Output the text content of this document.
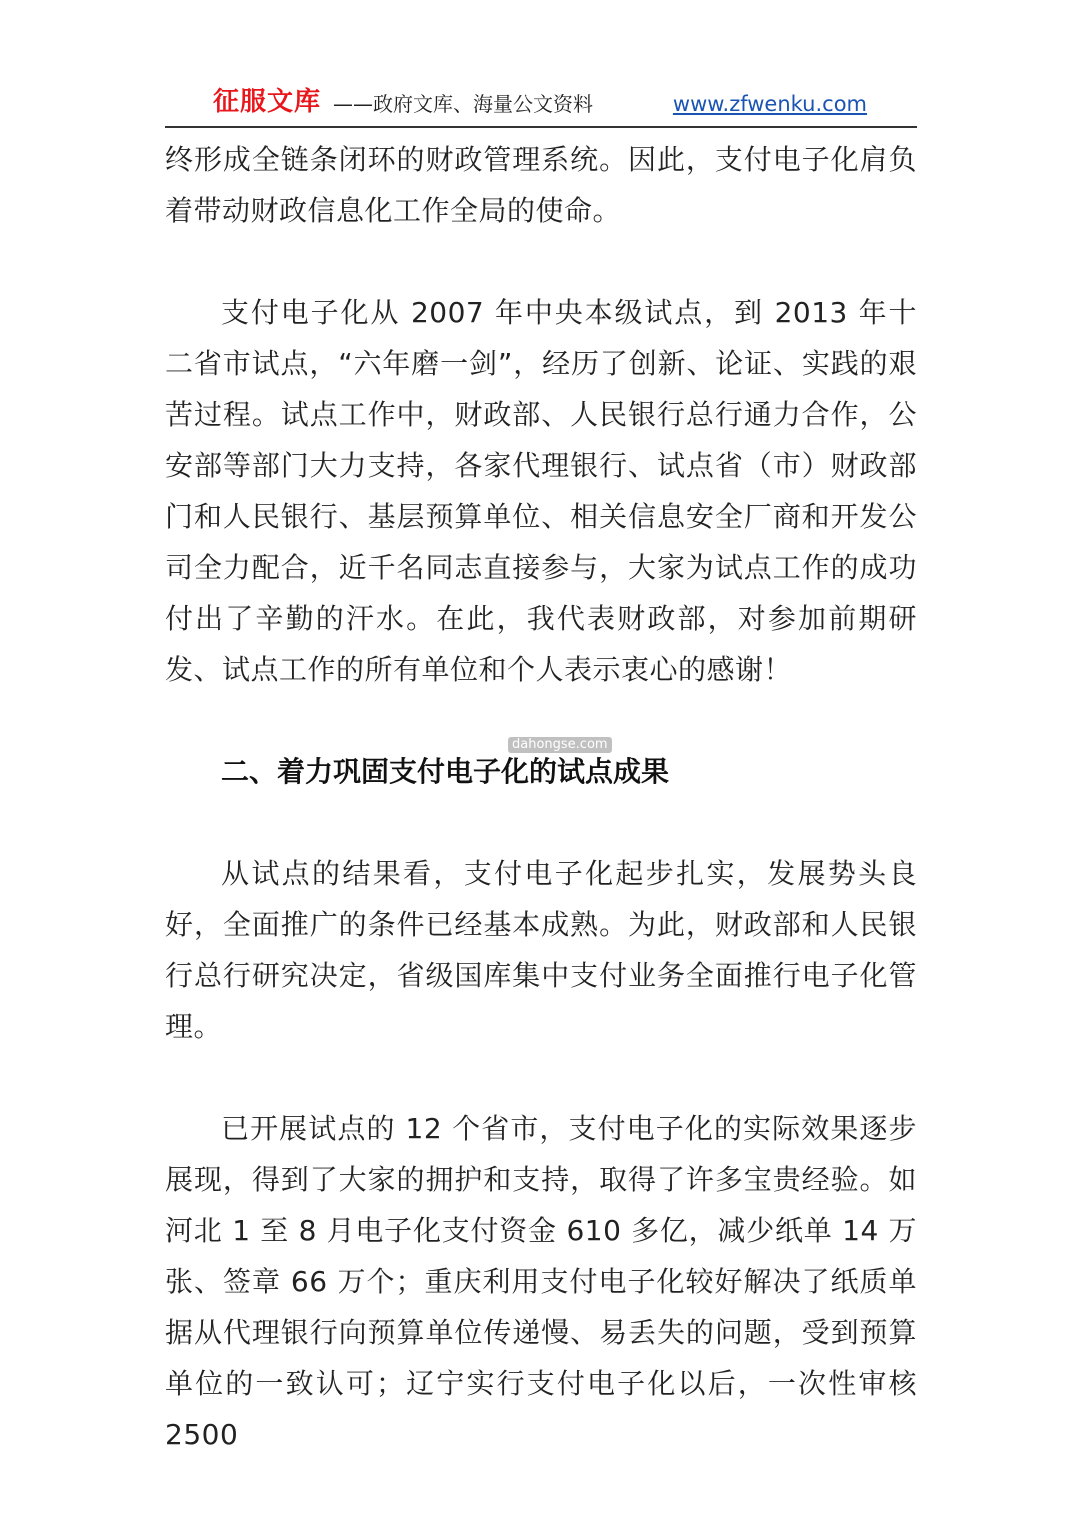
征服文库 ——政府文库、海量公文资料	www.zfwenku.com

终形成全链条闭环的财政管理系统。因此，支付电子化肩负着带动财政信息化工作全局的使命。

支付电子化从 2007 年中央本级试点，到 2013 年十二省市试点，“六年磨一剑”，经历了创新、论证、实践的艰苦过程。试点工作中，财政部、人民银行总行通力合作，公安部等部门大力支持，各家代理银行、试点省（市）财政部门和人民银行、基层预算单位、相关信息安全厂商和开发公司全力配合，近千名同志直接参与，大家为试点工作的成功付出了辛勤的汗水。在此，我代表财政部，对参加前期研发、试点工作的所有单位和个人表示衷心的感谢！

二、着力巩固支付电子化的试点成果

从试点的结果看，支付电子化起步扎实，发展势头良好，全面推广的条件已经基本成熟。为此，财政部和人民银行总行研究决定，省级国库集中支付业务全面推行电子化管理。

已开展试点的 12 个省市，支付电子化的实际效果逐步展现，得到了大家的拥护和支持，取得了许多宝贵经验。如河北 1 至 8 月电子化支付资金 610 多亿，减少纸单 14 万张、签章 66 万个；重庆利用支付电子化较好解决了纸质单据从代理银行向预算单位传递慢、易丢失的问题，受到预算单位的一致认可；辽宁实行支付电子化以后，一次性审核 2500

dahongse.com
